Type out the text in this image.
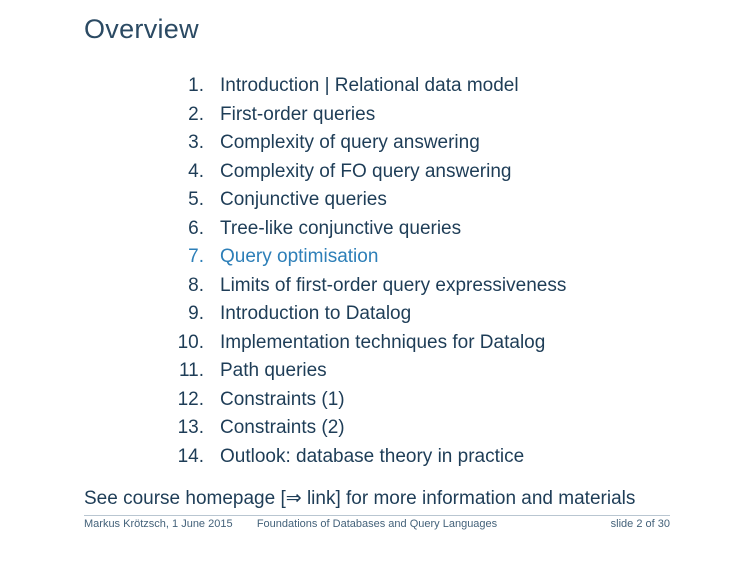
Overview
1. Introduction | Relational data model
2. First-order queries
3. Complexity of query answering
4. Complexity of FO query answering
5. Conjunctive queries
6. Tree-like conjunctive queries
7. Query optimisation
8. Limits of first-order query expressiveness
9. Introduction to Datalog
10. Implementation techniques for Datalog
11. Path queries
12. Constraints (1)
13. Constraints (2)
14. Outlook: database theory in practice
See course homepage [⇒ link] for more information and materials
Markus Krötzsch, 1 June 2015 Foundations of Databases and Query Languages	slide 2 of 30
